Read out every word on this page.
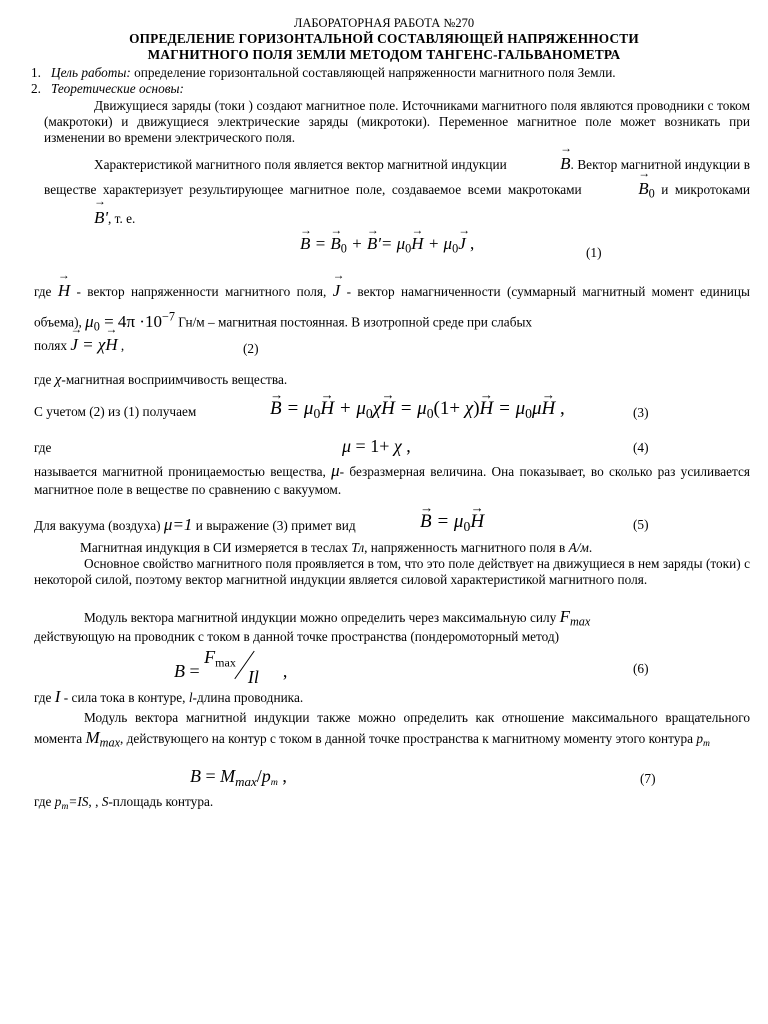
ЛАБОРАТОРНАЯ РАБОТА №270
ОПРЕДЕЛЕНИЕ ГОРИЗОНТАЛЬНОЙ СОСТАВЛЯЮЩЕЙ НАПРЯЖЕННОСТИ
МАГНИТНОГО ПОЛЯ ЗЕМЛИ МЕТОДОМ ТАНГЕНС-ГАЛЬВАНОМЕТРА
1. Цель работы: определение горизонтальной составляющей напряженности магнитного поля Земли.
2. Теоретические основы:
Движущиеся заряды (токи ) создают магнитное поле. Источниками магнитного поля являются проводники с током (макротоки) и движущиеся электрические заряды (микротоки). Переменное магнитное поле может возникать при изменении во времени электрического поля.
Характеристикой магнитного поля является вектор магнитной индукции	→ B. Вектор магнитной индукции в веществе характеризует результирующее магнитное поле, создаваемое всеми макротоками	→ $B_0$ и микротоками → B', т. е.
→ B = → $B_0$ + → $B'= \mu_0\to H + \mu_0\to J$ ,	(1)
где → H - вектор напряженности магнитного поля, → J - вектор намагниченности (суммарный магнитный момент единицы объема), $\mu_0 = 4\pi \cdot 10^{-7}$ Гн/м – магнитная постоянная. В изотропной среде при слабых
полях → J = χ→ H ,	(2)
где χ-магнитная восприимчивость вещества.
С учетом (2) из (1) получаем	→ $B = \mu_0\to H + \mu_0\chi\to H = \mu_0(1+ \chi)\to H = \mu_0\mu\to H$ ,	(3)
где	μ = 1+ χ ,	(4)
называется магнитной проницаемостью вещества, μ- безразмерная величина. Она показывает, во сколько раз усиливается магнитное поле в веществе по сравнению с вакуумом.
Для вакуума (воздуха) μ=1 и выражение (3) примет вид	→ $B = \mu_0\to H$	(5)
Магнитная индукция в СИ измеряется в теслах Тл, напряженность магнитного поля в А/м.
Основное свойство магнитного поля проявляется в том, что это поле действует на движущиеся в нем заряды (токи) с некоторой силой, поэтому вектор магнитной индукции является силовой характеристикой магнитного поля.
Модуль вектора магнитной индукции можно определить через максимальную силу $F_{max}$
действующую на проводник с током в данной точке пространства (пондеромоторный метод)
$B = F_{max}Il$ ,	(6)
где I - сила тока в контуре, l-длина проводника.
Модуль вектора магнитной индукции также можно определить как отношение максимального вращательного момента $M_{max}$, действующего на контур с током в данной точке пространства к магнитному моменту этого контура $p_m$
$B = M_{max}/p_m$ ,	(7)
где $p_m=IS$, , S-площадь контура.
